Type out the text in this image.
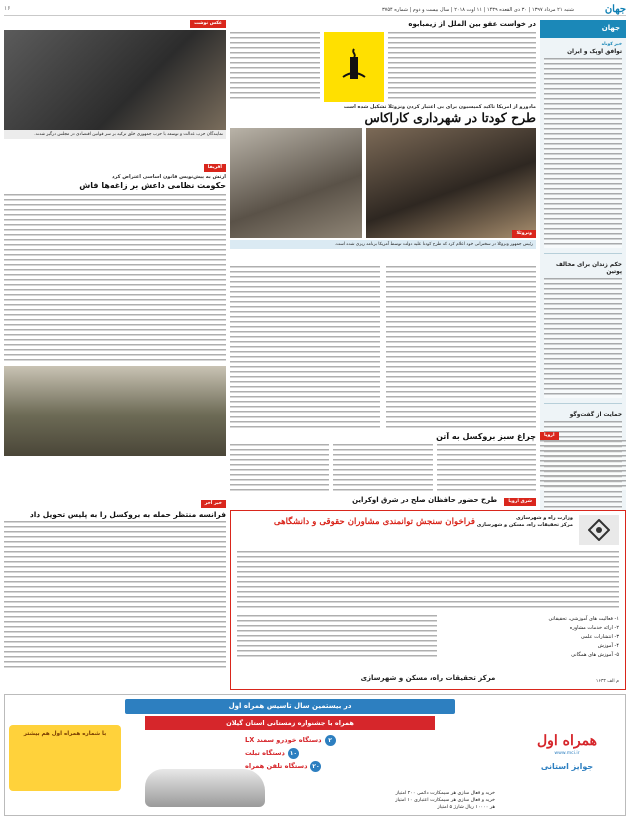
جهان
شنبه ۲۱ مرداد ۱۳۹۷ | ۳۰ ذی القعده ۱۴۳۹ | ۱۱ اوت ۲۰۱۸ | سال بیست و دوم | شماره ۳۷۵۴
۱۶
جهان
خبر کوتاه
توافق اوپک و ایران
حکم زندان برای مخالف پوتین
حمایت از گفت‌وگو
در خواست عفو بین الملل از زیمبابوه
عکس نوشت
نمایندگان حزب عدالت و توسعه با حزب جمهوری خلق ترکیه بر سر قوانین اقتصادی در مجلس درگیر شدند.
مادورو از آمریکا تاکید کمیسیون برای بی اعتبار کردن ونزوئلا تشکیل شده است
طرح کودتا در شهرداری کاراکاس
ونزوئلا
رئیس جمهور ونزوئلا در سخنرانی خود اعلام کرد که طرح کودتا علیه دولت توسط آمریکا برنامه ریزی شده است.
آفریقا
ارتش به پیش‌نویس قانون اساسی اعتراض کرد
حکومت نظامی دا‌عش بر زاغه‌ها فاش
چراغ سبز بروکسل به آتن	اروپا
شرق اروپا طرح حضور حافظان صلح در شرق اوکراین
خبر آخر
فرانسه منتظر حمله به بروکسل را به پلیس تحویل داد	وزارت راه و شهرسازی
مرکز تحقیقات راه، مسکن و شهرسازی
فراخوان سنجش توانمندی مشاوران حقوقی و دانشگاهی
۱- فعالیت های آموزشی، تحقیقاتی
۲- ارائه خدمات مشاوره
۳- انتشارات علمی
۴- آموزش
۵- آموزش های همگانی
مرکز تحقیقات راه، مسکن و شهرسازی	م الف ۱۶۳۳
در بیستمین سال تاسیس همراه اول
همراه با جشنواره زمستانی استان گیلان
۲دستگاه خودرو سمند LX
۱۰دستگاه تبلت
۲۰دستگاه تلفن همراه
همراه اول
www.mci.ir
جوایز استانی
با شماره همراه اول هم بیشتر
خرید و فعال سازی هر سیمکارت دائمی ۲۰۰ امتیاز
خرید و فعال سازی هر سیمکارت اعتباری ۱۰ امتیاز
هر ۱۰۰۰۰ ریال شارژ ۵ امتیاز
